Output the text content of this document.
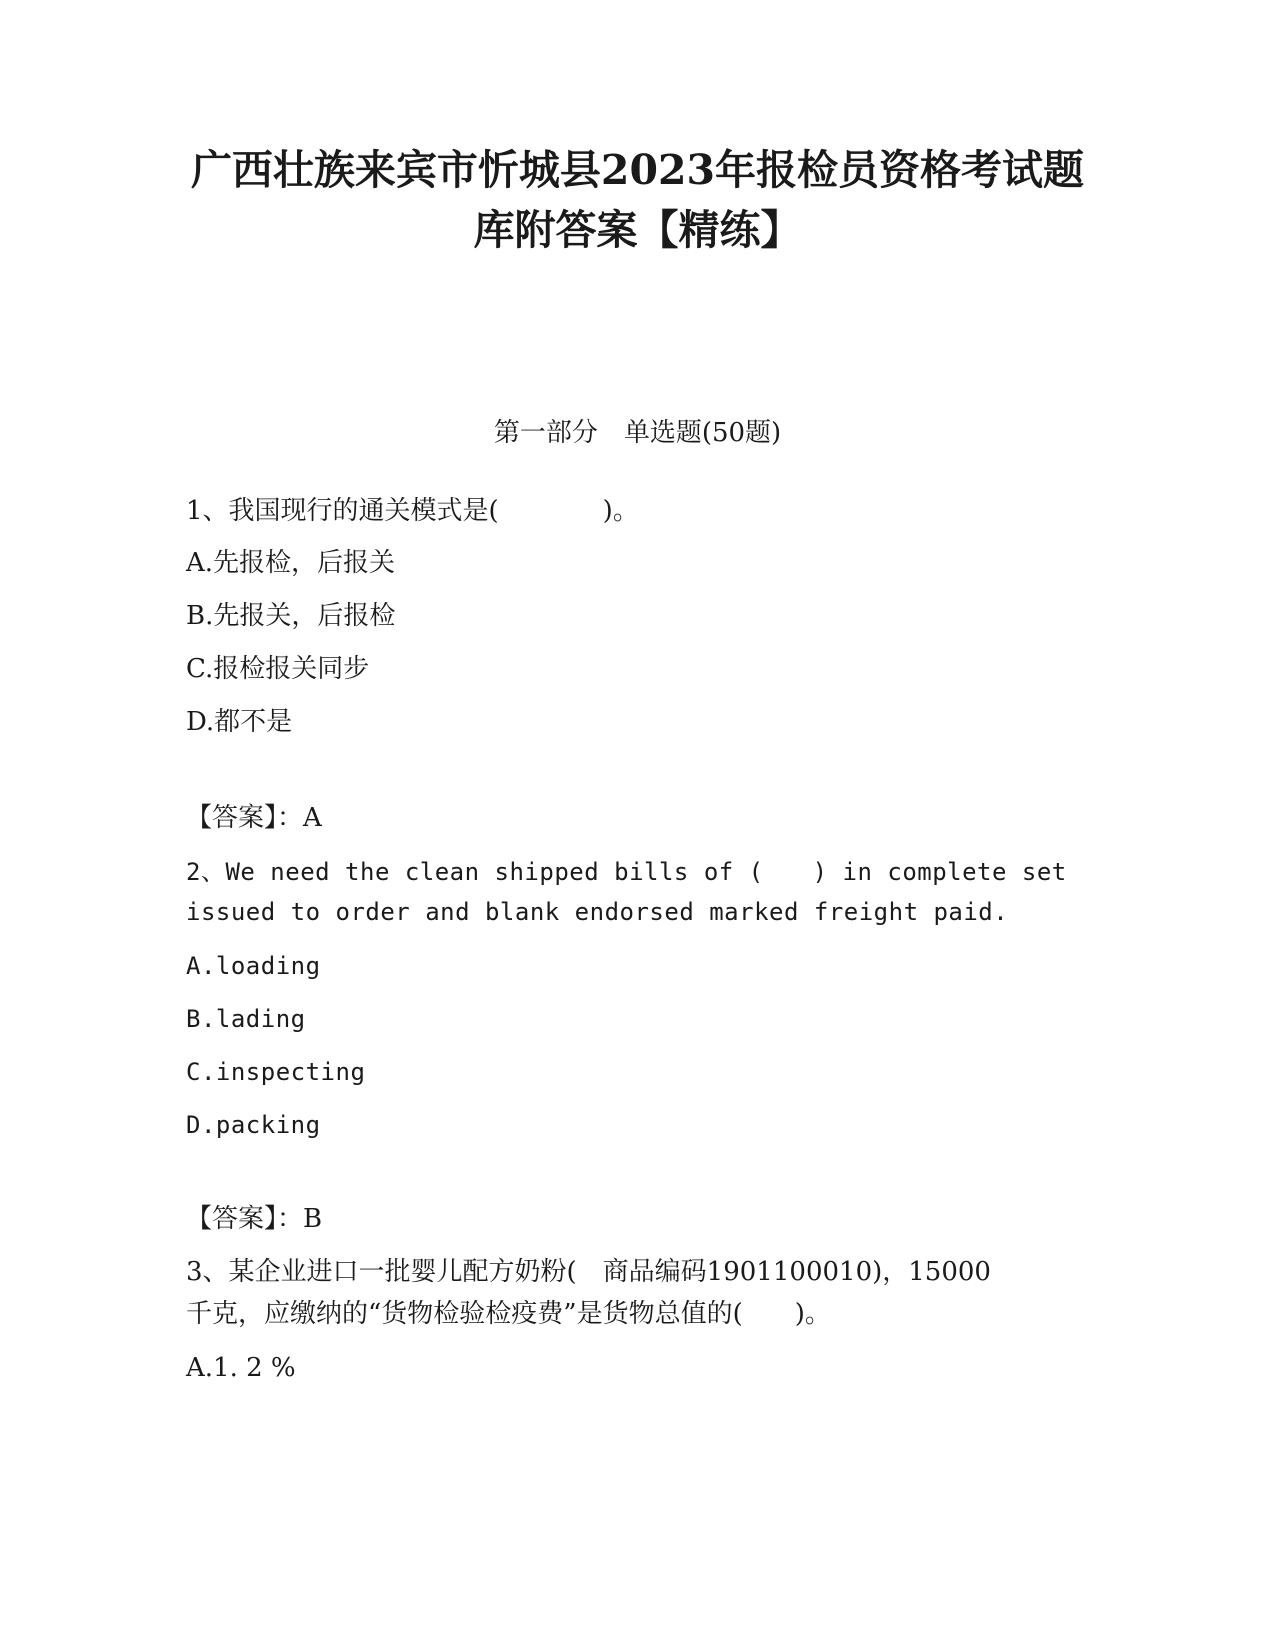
广西壮族来宾市忻城县2023年报检员资格考试题
库附答案【精练】
第一部分　单选题(50题)
1、我国现行的通关模式是(　　　　)。
A.先报检，后报关
B.先报关，后报检
C.报检报关同步
D.都不是
【答案】：A
2、We need the clean shipped bills of (　　) in complete set
issued to order and blank endorsed marked freight paid.
A.loading
B.lading
C.inspecting
D.packing
【答案】：B
3、某企业进口一批婴儿配方奶粉(　商品编码1901100010)，15000
千克，应缴纳的“货物检验检疫费”是货物总值的(　　)。
A.1. 2 %
